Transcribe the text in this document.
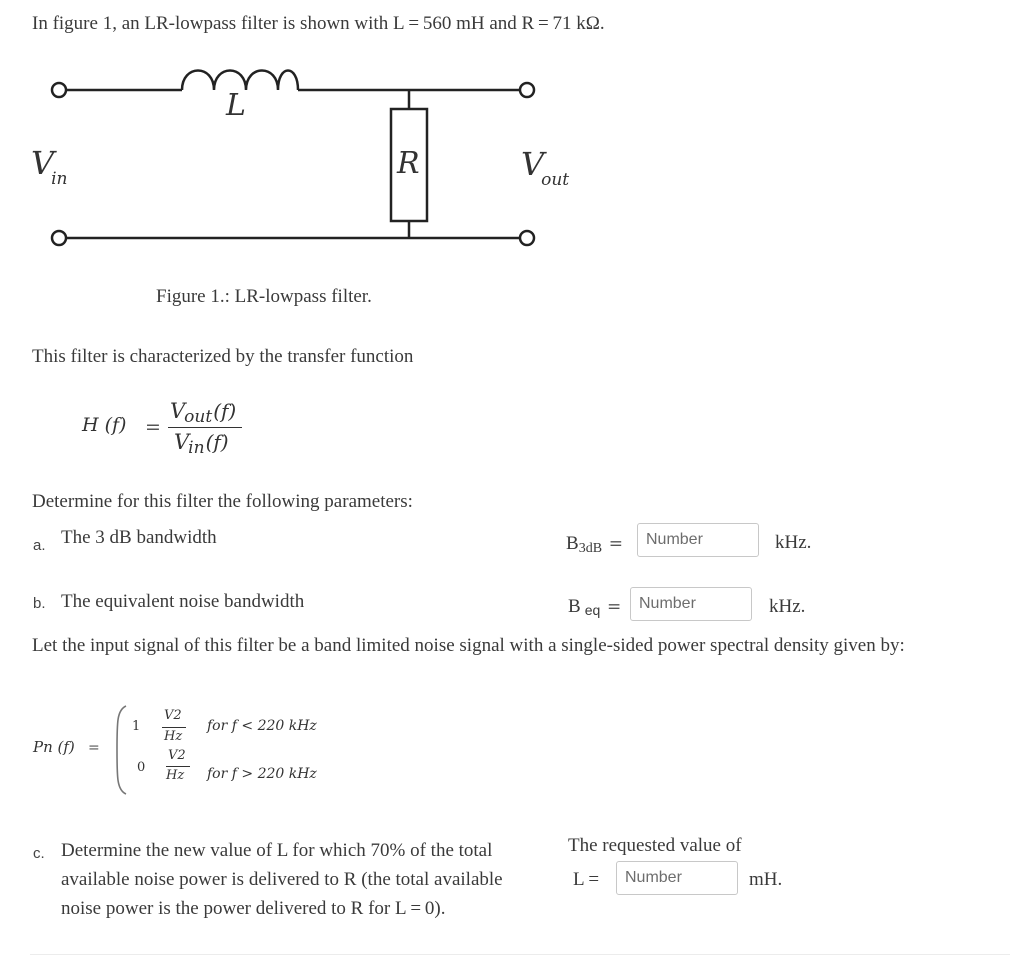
In figure 1, an LR-lowpass filter is shown with L = 560 mH and R = 71 kΩ.
L
R
Vin	Vout
Figure 1.: LR-lowpass filter.
This filter is characterized by the transfer function
H (f) =
Vout(f)
Vin(f)
Determine for this filter the following parameters:
a. The 3 dB bandwidth	B3dB =
Number	kHz.
b. The equivalent noise bandwidth	B eq =
Number	kHz.
Let the input signal of this filter be a band limited noise signal with a single-sided power spectral density given by:
Pn (f) =
1
V2
Hz
for f < 220 kHz
0
V2
Hz for f > 220 kHz
c. Determine the new value of L for which 70% of the total
available noise power is delivered to R (the total available
noise power is the power delivered to R for L = 0).
The requested value of
L =
Number	mH.
